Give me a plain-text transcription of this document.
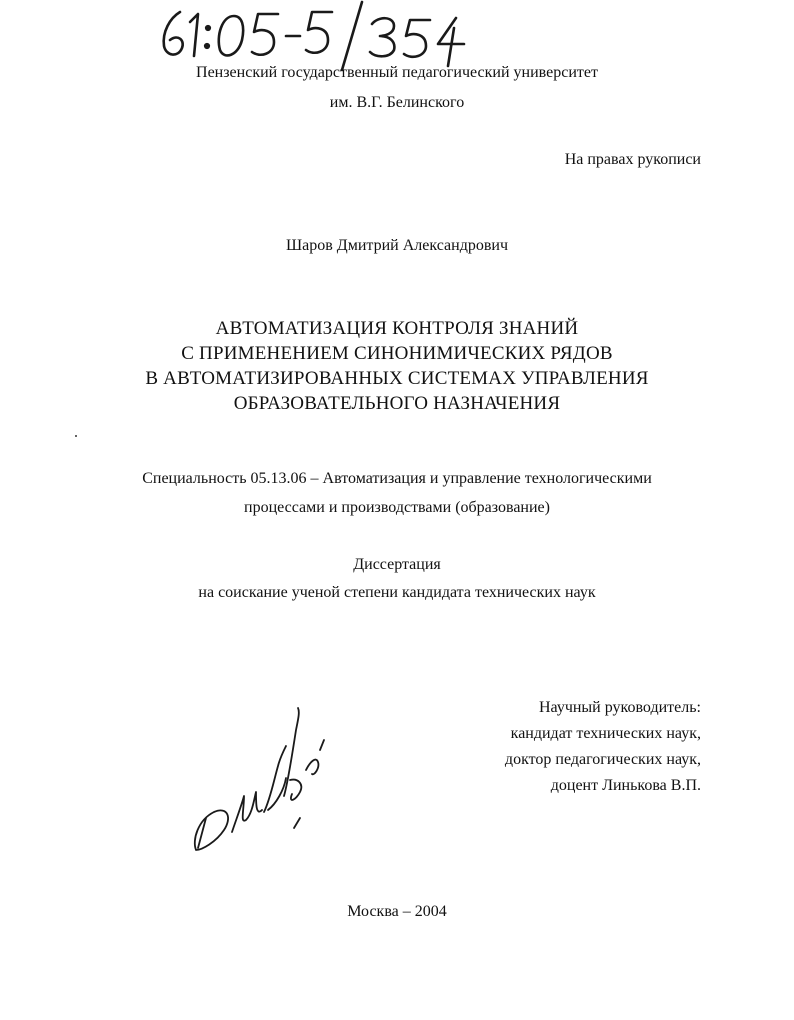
Пензенский государственный педагогический университет
им. В.Г. Белинского
На правах рукописи
Шаров Дмитрий Александрович
АВТОМАТИЗАЦИЯ КОНТРОЛЯ ЗНАНИЙ
С ПРИМЕНЕНИЕМ СИНОНИМИЧЕСКИХ РЯДОВ
В АВТОМАТИЗИРОВАННЫХ СИСТЕМАХ УПРАВЛЕНИЯ
ОБРАЗОВАТЕЛЬНОГО НАЗНАЧЕНИЯ
Специальность 05.13.06 – Автоматизация и управление технологическими
процессами и производствами (образование)
Диссертация
на соискание ученой степени кандидата технических наук
Научный руководитель:
кандидат технических наук,
доктор педагогических наук,
доцент Линькова В.П.
Москва – 2004
